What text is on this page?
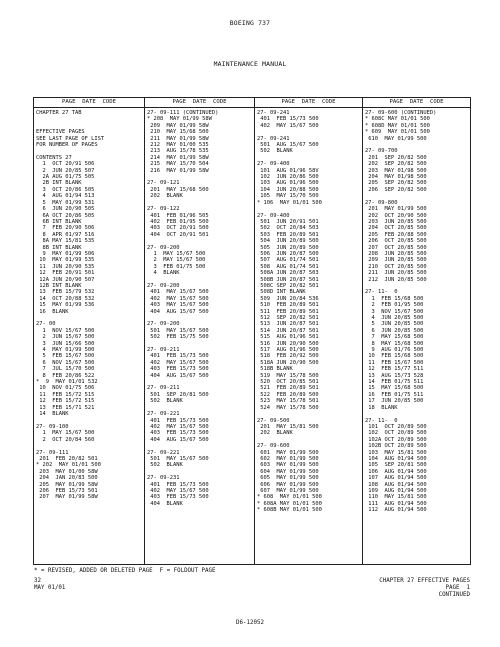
BOEING 737
MAINTENANCE MANUAL
PAGE  DATE  CODE
CHAPTER 27 TAB

EFFECTIVE PAGES
SEE LAST PAGE OF LIST
FOR NUMBER OF PAGES

CONTENTS 27
1  OCT 20/91 506
2  JUN 20/85 507
2A AUG 01/75 505
2B INT BLANK
3  OCT 20/86 505
4  AUG 01/94 513
5  MAY 01/99 531
6  JUN 20/90 505
6A OCT 20/86 505
6B INT BLANK
7  FEB 20/90 506
8  APR 01/97 516
8A MAY 15/81 535
8B INT BLANK
9  MAY 01/99 506
10  MAY 01/99 535
11  JUN 20/90 535
12  FEB 20/91 501
12A JUN 20/90 507
12B INT BLANK
13  FEB 15/79 532
14  OCT 20/88 532
15  MAY 01/99 536
16  BLANK

27- 00
1  NOV 15/67 500
2  JUN 15/67 500
3  JUN 15/66 500
4  MAY 01/99 500
5  FEB 15/67 500
6  NOV 15/67 500
7  JUL 15/70 500
8  FEB 20/86 522
*  9  MAY 01/01 532
10  NOV 01/75 506
11  FEB 15/72 515
12  FEB 15/72 515
13  FEB 15/71 521
14  BLANK

27- 09-100
1  MAY 15/67 500
2  OCT 20/84 560

27- 09-111
201  FEB 20/82 501
* 202  MAY 01/01 500
203  MAY 01/00 58W
204  JAN 20/83 500
205  MAY 01/99 58W
206  FEB 15/73 501
207  MAY 01/99 58W
PAGE  DATE  CODE
27- 09-111 (CONTINUED)
* 208  MAY 01/99 58W
209  MAY 01/99 58W
210  MAY 15/68 500
211  MAY 01/99 58W
212  MAY 01/00 535
213  AUG 15/78 535
214  MAY 01/99 58W
215  MAY 15/70 504
216  MAY 01/99 58W

27- 09-121
201  MAY 15/68 500
202  BLANK

27- 09-122
401  FEB 01/96 505
402  FEB 01/95 500
403  OCT 20/91 500
404  OCT 20/91 501

27- 09-200
1  MAY 15/67 500
2  MAY 15/67 500
3  FEB 01/75 500
4  BLANK

27- 09-200
401  MAY 15/67 500
402  MAY 15/67 500
403  MAY 15/67 500
404  AUG 15/67 500

27- 09-200
501  MAY 15/67 500
502  FEB 15/75 500

27- 09-211
401  FEB 15/73 500
402  MAY 15/67 500
403  FEB 15/73 500
404  AUG 15/67 500

27- 09-211
501  SEP 20/81 500
502  BLANK

27- 09-221
401  FEB 15/73 500
402  MAY 15/67 500
403  FEB 15/73 500
404  AUG 15/67 500

27- 09-221
501  MAY 15/67 500
502  BLANK

27- 09-231
401  FEB 15/73 500
402  MAY 15/67 500
403  FEB 15/73 500
404  BLANK
PAGE  DATE  CODE
27- 09-241
401  FEB 15/73 500
402  MAY 15/67 500

27- 09-241
501  AUG 15/67 500
502  BLANK

27- 09-400
101  AUG 01/96 58V
102  JUN 20/86 500
103  AUG 01/96 500
104  JUN 20/88 500
105  MAY 15/70 500
* 106  MAY 01/01 500

27- 09-400
501  JUN 20/91 501
502  OCT 20/84 503
503  FEB 20/89 501
504  JUN 20/89 500
505  JUN 20/89 500
506  JUN 20/87 500
507  AUG 01/74 501
508  AUG 01/74 501
508A JUN 20/87 503
508B JUN 20/87 501
508C SEP 20/82 501
508D INT BLANK
509  JUN 20/84 536
510  FEB 20/89 501
511  FEB 20/89 501
512  SEP 20/82 501
513  JUN 20/87 501
514  JUN 20/87 501
515  AUG 01/96 501
516  JUN 20/90 500
517  AUG 01/96 500
518  FEB 20/92 500
518A JUN 20/90 500
518B BLANK
519  MAY 15/78 500
520  OCT 20/85 501
521  FEB 20/89 501
522  FEB 20/89 500
523  MAY 15/78 501
524  MAY 15/78 500

27- 09-500
201  MAY 15/81 500
202  BLANK

27- 09-600
601  MAY 01/99 500
602  MAY 01/99 500
603  MAY 01/99 500
604  MAY 01/99 500
605  MAY 01/99 500
606  MAY 01/99 500
607  MAY 01/99 500
* 608  MAY 01/01 500
* 608A MAY 01/01 500
* 608B MAY 01/01 500
PAGE  DATE  CODE
27- 09-600 (CONTINUED)
* 608C MAY 01/01 500
* 608D MAY 01/01 500
* 609  MAY 01/01 500
610  MAY 01/99 500

27- 09-700
201  SEP 20/82 500
202  SEP 20/82 500
203  MAY 01/98 500
204  MAY 01/98 500
205  SEP 20/82 500
206  SEP 20/82 500

27- 09-800
201  MAY 01/99 500
202  OCT 20/90 500
203  JUN 20/85 500
204  OCT 20/85 500
205  FEB 20/88 500
206  OCT 20/85 500
207  OCT 20/85 500
208  JUN 20/85 500
209  JUN 20/85 500
210  OCT 20/85 500
211  JUN 20/85 500
212  JUN 20/85 500

27- 11-  0
1  FEB 15/68 500
2  FEB 01/95 500
3  NOV 15/67 500
4  JUN 20/85 500
5  JUN 20/85 500
6  JUN 20/85 500
7  MAY 15/68 500
8  MAY 15/68 500
9  AUG 01/76 500
10  FEB 15/68 500
11  FEB 15/67 500
12  FEB 15/77 511
13  AUG 15/73 528
14  FEB 01/75 511
15  MAY 15/68 500
16  FEB 01/75 511
17  JUN 20/85 500
18  BLANK

27- 11-  0
101  OCT 20/89 500
102  OCT 20/89 500
102A OCT 20/89 500
102B OCT 20/89 500
103  MAY 15/81 500
104  AUG 01/94 500
105  SEP 20/81 500
106  AUG 01/94 500
107  AUG 01/94 500
108  AUG 01/94 500
109  AUG 01/94 500
110  MAY 15/81 500
111  AUG 01/94 500
112  AUG 01/94 500
* = REVISED, ADDED OR DELETED PAGE  F = FOLDOUT PAGE
32
MAY 01/01
CHAPTER 27 EFFECTIVE PAGES
PAGE  1
CONTINUED
D6-12052
